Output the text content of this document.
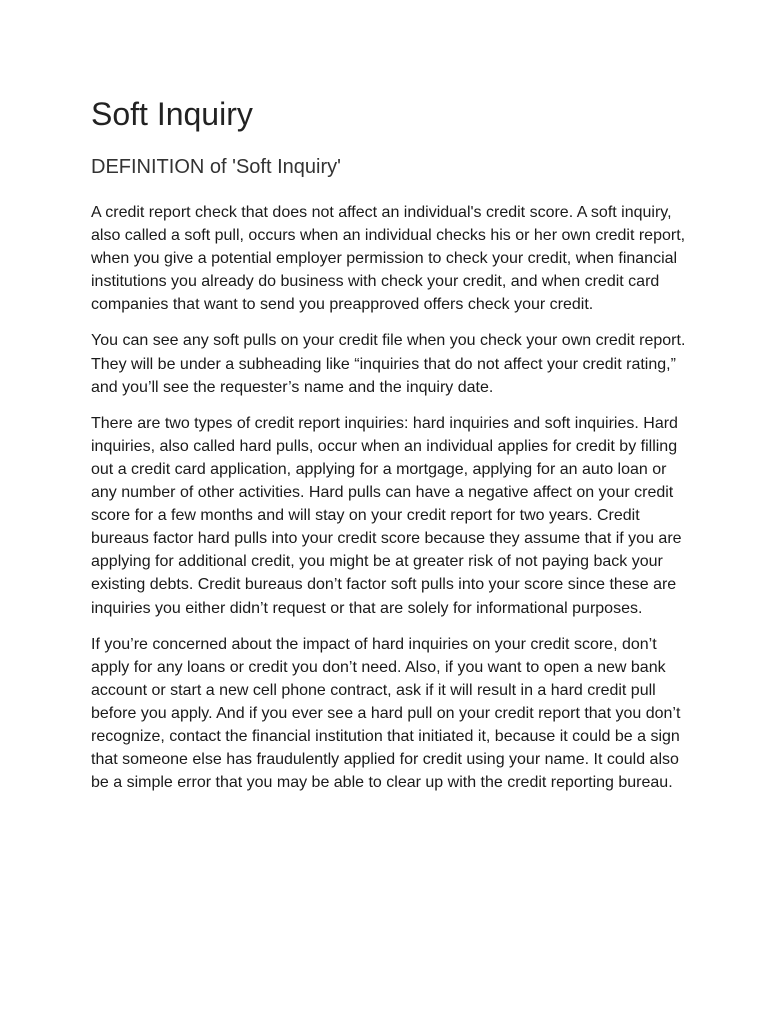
Soft Inquiry
DEFINITION of 'Soft Inquiry'

A credit report check that does not affect an individual's credit score. A soft inquiry, also called a soft pull, occurs when an individual checks his or her own credit report, when you give a potential employer permission to check your credit, when financial institutions you already do business with check your credit, and when credit card companies that want to send you preapproved offers check your credit.

You can see any soft pulls on your credit file when you check your own credit report. They will be under a subheading like “inquiries that do not affect your credit rating,” and you’ll see the requester’s name and the inquiry date.

There are two types of credit report inquiries: hard inquiries and soft inquiries. Hard inquiries, also called hard pulls, occur when an individual applies for credit by filling out a credit card application, applying for a mortgage, applying for an auto loan or any number of other activities. Hard pulls can have a negative affect on your credit score for a few months and will stay on your credit report for two years. Credit bureaus factor hard pulls into your credit score because they assume that if you are applying for additional credit, you might be at greater risk of not paying back your existing debts. Credit bureaus don’t factor soft pulls into your score since these are inquiries you either didn’t request or that are solely for informational purposes.

If you’re concerned about the impact of hard inquiries on your credit score, don’t apply for any loans or credit you don’t need. Also, if you want to open a new bank account or start a new cell phone contract, ask if it will result in a hard credit pull before you apply. And if you ever see a hard pull on your credit report that you don’t recognize, contact the financial institution that initiated it, because it could be a sign that someone else has fraudulently applied for credit using your name. It could also be a simple error that you may be able to clear up with the credit reporting bureau.
